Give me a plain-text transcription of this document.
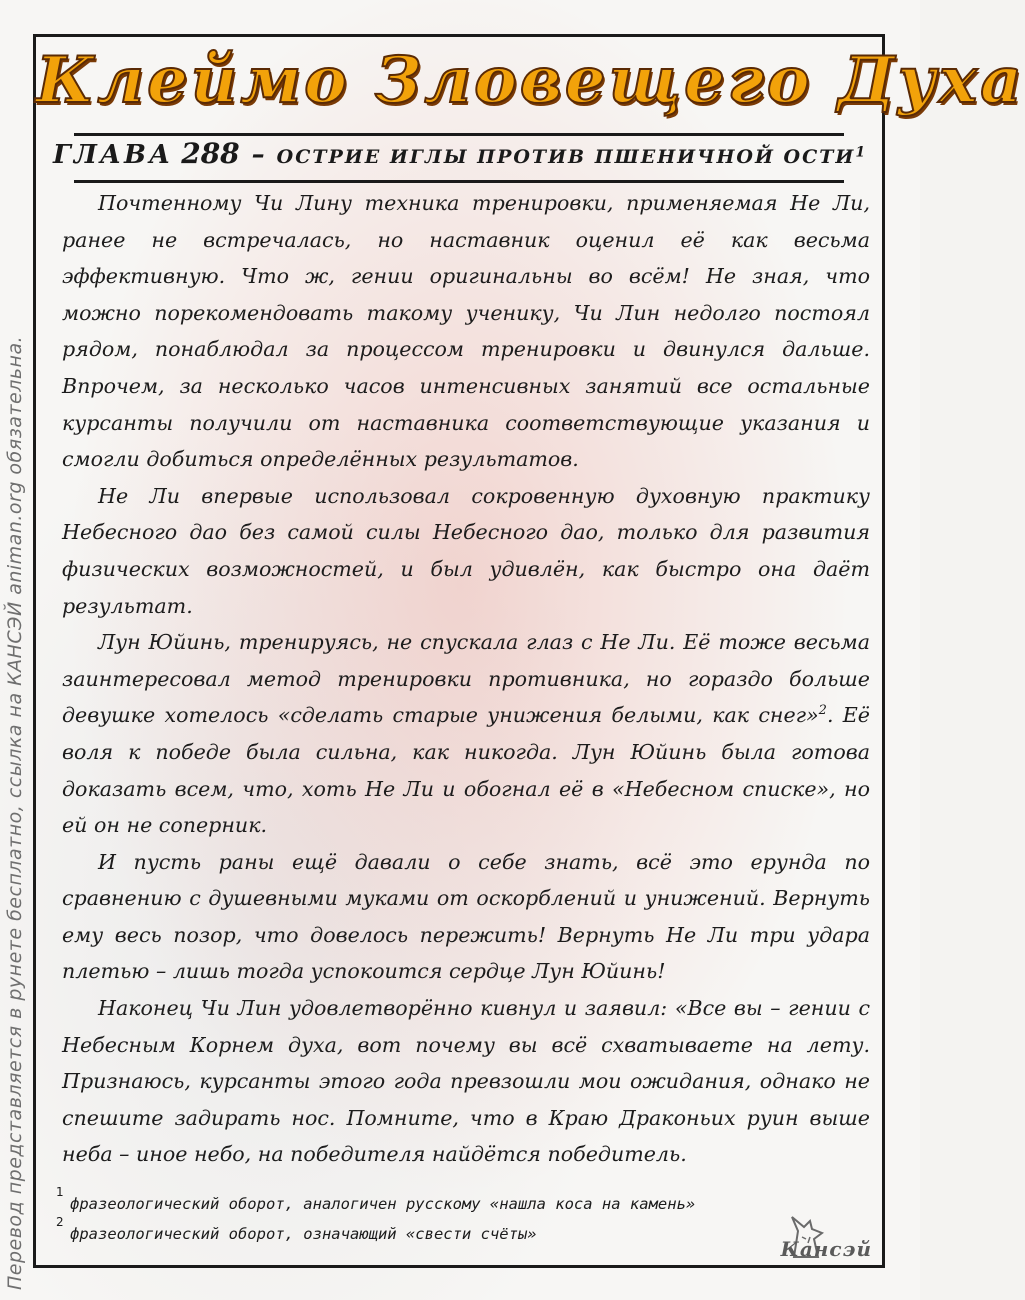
Перевод представляется в рунете бесплатно, ссылка на КАНСЭЙ animan.org обязательна.
Клеймо Зловещего Духа
ГЛАВА 288 – ОСТРИЕ ИГЛЫ ПРОТИВ ПШЕНИЧНОЙ ОСТИ1

Почтенному Чи Лину техника тренировки, применяемая Не Ли, ранее не встречалась, но наставник оценил её как весьма эффективную. Что ж, гении оригинальны во всём! Не зная, что можно порекомендовать такому ученику, Чи Лин недолго постоял рядом, понаблюдал за процессом тренировки и двинулся дальше. Впрочем, за несколько часов интенсивных занятий все остальные курсанты получили от наставника соответствующие указания и смогли добиться определённых результатов.

Не Ли впервые использовал сокровенную духовную практику Небесного дао без самой силы Небесного дао, только для развития физических возможностей, и был удивлён, как быстро она даёт результат.

Лун Юйинь, тренируясь, не спускала глаз с Не Ли. Её тоже весьма заинтересовал метод тренировки противника, но гораздо больше девушке хотелось «сделать старые унижения белыми, как снег»$^2$. Её воля к победе была сильна, как никогда. Лун Юйинь была готова доказать всем, что, хоть Не Ли и обогнал её в «Небесном списке», но ей он не соперник.

И пусть раны ещё давали о себе знать, всё это ерунда по сравнению с душевными муками от оскорблений и унижений. Вернуть ему весь позор, что довелось пережить! Вернуть Не Ли три удара плетью – лишь тогда успокоится сердце Лун Юйинь!

Наконец Чи Лин удовлетворённо кивнул и заявил: «Все вы – гении с Небесным Корнем духа, вот почему вы всё схватываете на лету. Признаюсь, курсанты этого года превзошли мои ожидания, однако не спешите задирать нос. Помните, что в Краю Драконьих руин выше неба – иное небо, на победителя найдётся победитель.

1
фразеологический оборот, аналогичен русскому «нашла коса на камень»
2
фразеологический оборот, означающий «свести счёты»
Кансэй
